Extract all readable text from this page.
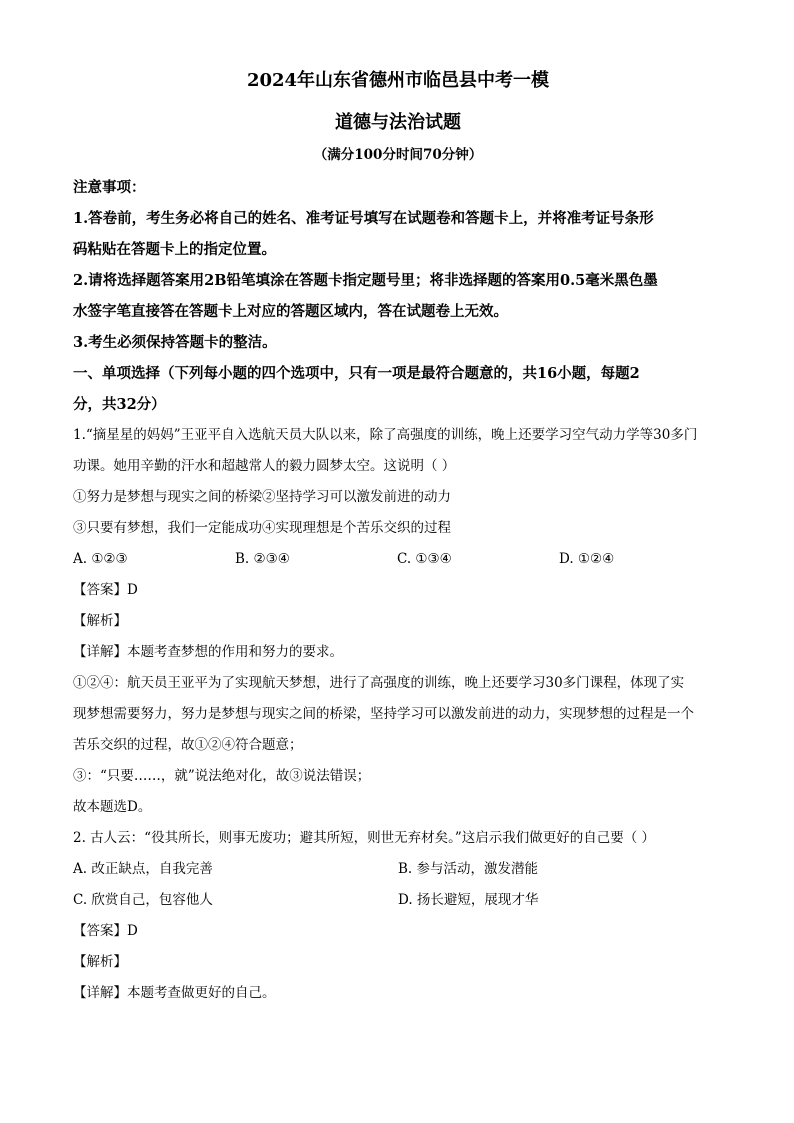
2024年山东省德州市临邑县中考一模
道德与法治试题
（满分100分时间70分钟）
注意事项：
1.答卷前，考生务必将自己的姓名、准考证号填写在试题卷和答题卡上，并将准考证号条形
码粘贴在答题卡上的指定位置。
2.请将选择题答案用2B铅笔填涂在答题卡指定题号里；将非选择题的答案用0.5毫米黑色墨
水签字笔直接答在答题卡上对应的答题区域内，答在试题卷上无效。
3.考生必须保持答题卡的整洁。
一、单项选择（下列每小题的四个选项中，只有一项是最符合题意的，共16小题，每题2
分，共32分）
1.“摘星星的妈妈”王亚平自入选航天员大队以来，除了高强度的训练，晚上还要学习空气动力学等30多门
功课。她用辛勤的汗水和超越常人的毅力圆梦太空。这说明（ ）
①努力是梦想与现实之间的桥梁②坚持学习可以激发前进的动力
③只要有梦想，我们一定能成功④实现理想是个苦乐交织的过程
A. ①②③	B. ②③④	C. ①③④	D. ①②④
【答案】D
【解析】
【详解】本题考查梦想的作用和努力的要求。
①②④：航天员王亚平为了实现航天梦想，进行了高强度的训练，晚上还要学习30多门课程，体现了实
现梦想需要努力，努力是梦想与现实之间的桥梁，坚持学习可以激发前进的动力，实现梦想的过程是一个
苦乐交织的过程，故①②④符合题意；
③：“只要……，就”说法绝对化，故③说法错误；
故本题选D。
2. 古人云：“役其所长，则事无废功；避其所短，则世无弃材矣。”这启示我们做更好的自己要（ ）
A. 改正缺点，自我完善	B. 参与活动，激发潜能
C. 欣赏自己，包容他人	D. 扬长避短，展现才华
【答案】D
【解析】
【详解】本题考查做更好的自己。
